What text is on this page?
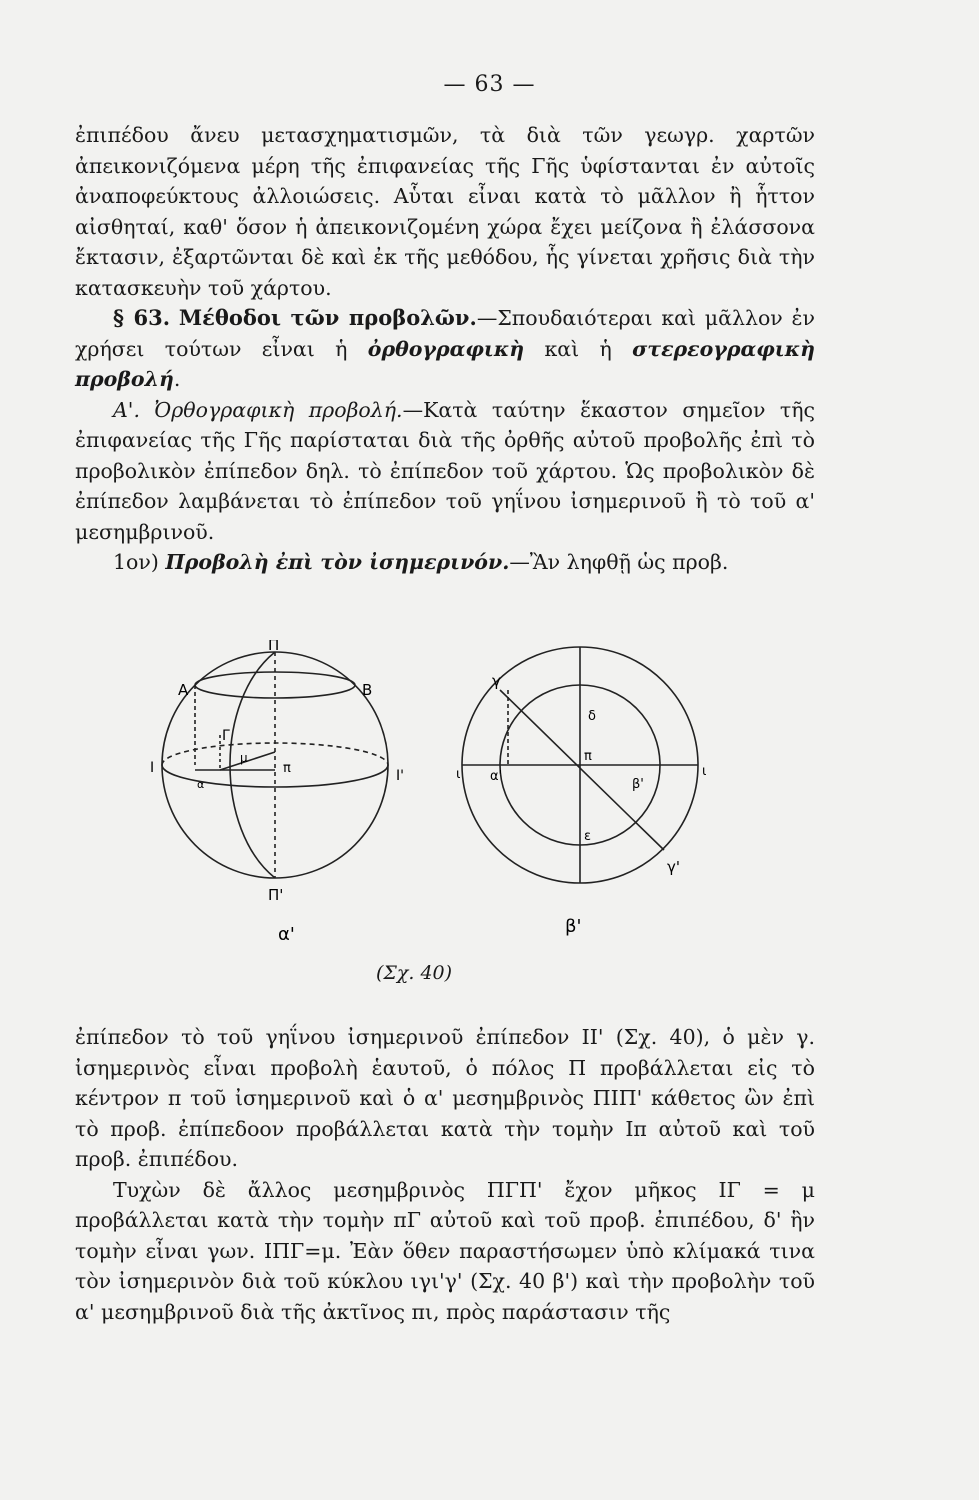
— 63 —

ἐπιπέδου ἄνευ μετασχηματισμῶν, τὰ διὰ τῶν γεωγρ. χαρτῶν ἀπεικονιζόμενα μέρη τῆς ἐπιφανείας τῆς Γῆς ὑφίστανται ἐν αὐτοῖς ἀναποφεύκτους ἀλλοιώσεις. Αὗται εἶναι κατὰ τὸ μᾶλλον ἢ ἧττον αἰσθηταί, καθ' ὅσον ἡ ἀπεικονιζομένη χώρα ἔχει μείζονα ἢ ἐλάσσονα ἔκτασιν, ἐξαρτῶνται δὲ καὶ ἐκ τῆς μεθόδου, ἧς γίνεται χρῆσις διὰ τὴν κατασκευὴν τοῦ χάρτου.

§ 63. Μέθοδοι τῶν προβολῶν.—Σπουδαιότεραι καὶ μᾶλλον ἐν χρήσει τούτων εἶναι ἡ ὀρθογραφικὴ καὶ ἡ στερεογραφικὴ προβολή.

Α'. Ὀρθογραφικὴ προβολή.—Κατὰ ταύτην ἕκαστον σημεῖον τῆς ἐπιφανείας τῆς Γῆς παρίσταται διὰ τῆς ὀρθῆς αὐτοῦ προβολῆς ἐπὶ τὸ προβολικὸν ἐπίπεδον δηλ. τὸ ἐπίπεδον τοῦ χάρτου. Ὡς προβολικὸν δὲ ἐπίπεδον λαμβάνεται τὸ ἐπίπεδον τοῦ γηΐνου ἰσημερινοῦ ἢ τὸ τοῦ α' μεσημβρινοῦ.

1ον) Προβολὴ ἐπὶ τὸν ἰσημερινόν.—Ἂν ληφθῇ ὡς προβ.

Π
Π'
Α	Β
Γ
μ
π
Ι	Ι'
α
α'
γ
γ'
δ
π
ε
α'
β'
ι
ι
β'
(Σχ. 40)

ἐπίπεδον τὸ τοῦ γηΐνου ἰσημερινοῦ ἐπίπεδον ΙΙ' (Σχ. 40), ὁ μὲν γ. ἰσημερινὸς εἶναι προβολὴ ἑαυτοῦ, ὁ πόλος Π προβάλλεται εἰς τὸ κέντρον π τοῦ ἰσημερινοῦ καὶ ὁ α' μεσημβρινὸς ΠΙΠ' κάθετος ὢν ἐπὶ τὸ προβ. ἐπίπεδοον προβάλλεται κατὰ τὴν τομὴν Ιπ αὐτοῦ καὶ τοῦ προβ. ἐπιπέδου.

Τυχὼν δὲ ἄλλος μεσημβρινὸς ΠΓΠ' ἔχον μῆκος ΙΓ = μ προβάλλεται κατὰ τὴν τομὴν πΓ αὐτοῦ καὶ τοῦ προβ. ἐπιπέδου, δ' ἣν τομὴν εἶναι γων. ΙΠΓ=μ. Ἐὰν ὅθεν παραστήσωμεν ὑπὸ κλίμακά τινα τὸν ἰσημερινὸν διὰ τοῦ κύκλου ιγι'γ' (Σχ. 40 β') καὶ τὴν προβολὴν τοῦ α' μεσημβρινοῦ διὰ τῆς ἀκτῖνος πι, πρὸς παράστασιν τῆς
